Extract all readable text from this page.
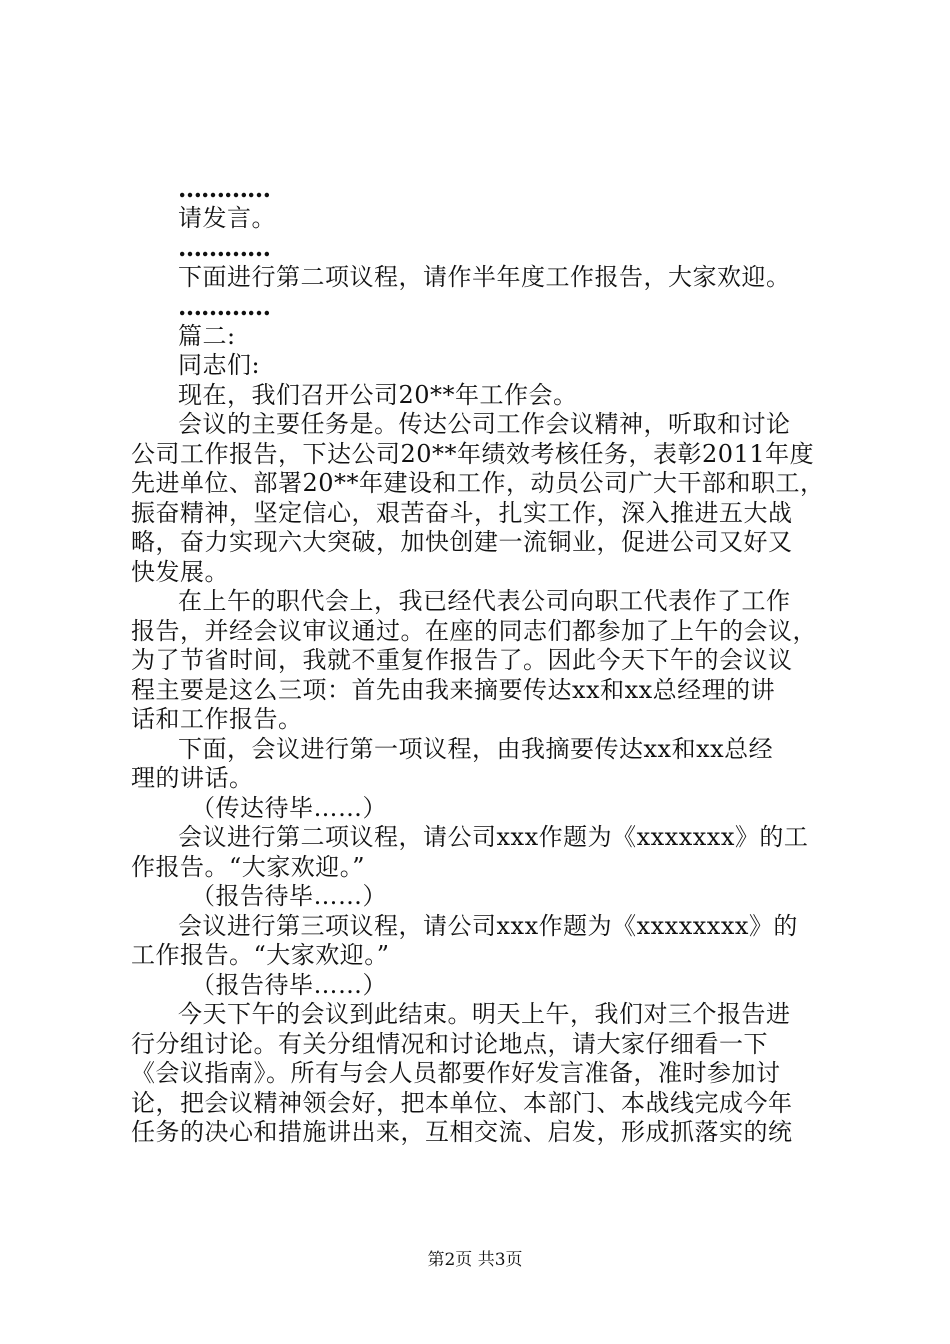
…………
请发言。
…………
下面进行第二项议程，请作半年度工作报告，大家欢迎。
…………
篇二:
同志们:
现在，我们召开公司20**年工作会。
会议的主要任务是。传达公司工作会议精神，听取和讨论
公司工作报告，下达公司20**年绩效考核任务，表彰2011年度
先进单位、部署20**年建设和工作，动员公司广大干部和职工，
振奋精神，坚定信心，艰苦奋斗，扎实工作，深入推进五大战
略，奋力实现六大突破，加快创建一流铜业，促进公司又好又
快发展。
在上午的职代会上，我已经代表公司向职工代表作了工作
报告，并经会议审议通过。在座的同志们都参加了上午的会议，
为了节省时间，我就不重复作报告了。因此今天下午的会议议
程主要是这么三项：首先由我来摘要传达xx和xx总经理的讲
话和工作报告。
下面，会议进行第一项议程，由我摘要传达xx和xx总经
理的讲话。
（传达待毕……）
会议进行第二项议程，请公司xxx作题为《xxxxxxx》的工
作报告。“大家欢迎。”
（报告待毕……）
会议进行第三项议程，请公司xxx作题为《xxxxxxxx》的
工作报告。“大家欢迎。”
（报告待毕……）
今天下午的会议到此结束。明天上午，我们对三个报告进
行分组讨论。有关分组情况和讨论地点，请大家仔细看一下
《会议指南》。所有与会人员都要作好发言准备，准时参加讨
论，把会议精神领会好，把本单位、本部门、本战线完成今年
任务的决心和措施讲出来，互相交流、启发，形成抓落实的统
第2页 共3页
